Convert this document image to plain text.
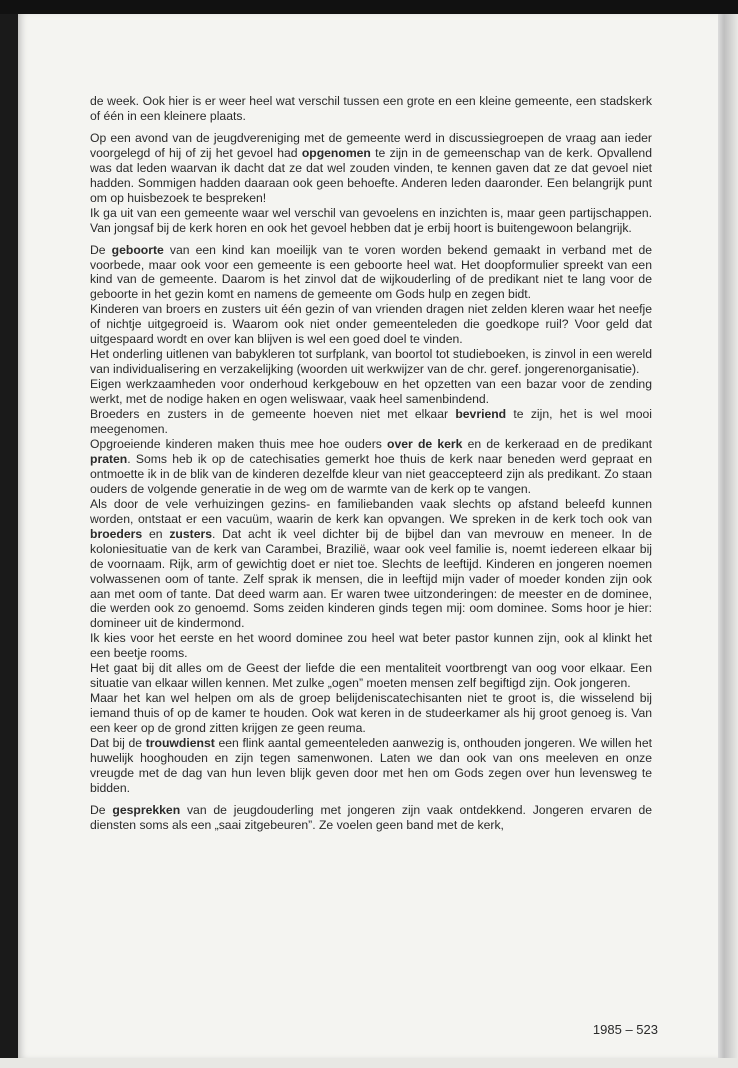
de week. Ook hier is er weer heel wat verschil tussen een grote en een kleine gemeente, een stadskerk of één in een kleinere plaats.

Op een avond van de jeugdvereniging met de gemeente werd in discussiegroepen de vraag aan ieder voorgelegd of hij of zij het gevoel had opgenomen te zijn in de gemeenschap van de kerk. Opvallend was dat leden waarvan ik dacht dat ze dat wel zouden vinden, te kennen gaven dat ze dat gevoel niet hadden. Sommigen hadden daaraan ook geen behoefte. Anderen leden daaronder. Een belangrijk punt om op huisbezoek te bespreken!

Ik ga uit van een gemeente waar wel verschil van gevoelens en inzichten is, maar geen partijschappen. Van jongsaf bij de kerk horen en ook het gevoel hebben dat je erbij hoort is buitengewoon belangrijk.

De geboorte van een kind kan moeilijk van te voren worden bekend gemaakt in verband met de voorbede, maar ook voor een gemeente is een geboorte heel wat. Het doopformulier spreekt van een kind van de gemeente. Daarom is het zinvol dat de wijkouderling of de predikant niet te lang voor de geboorte in het gezin komt en namens de gemeente om Gods hulp en zegen bidt.

Kinderen van broers en zusters uit één gezin of van vrienden dragen niet zelden kleren waar het neefje of nichtje uitgegroeid is. Waarom ook niet onder gemeenteleden die goedkope ruil? Voor geld dat uitgespaard wordt en over kan blijven is wel een goed doel te vinden.

Het onderling uitlenen van babykleren tot surfplank, van boortol tot studieboeken, is zinvol in een wereld van individualisering en verzakelijking (woorden uit werkwijzer van de chr. geref. jongerenorganisatie).

Eigen werkzaamheden voor onderhoud kerkgebouw en het opzetten van een bazar voor de zending werkt, met de nodige haken en ogen weliswaar, vaak heel samenbindend.

Broeders en zusters in de gemeente hoeven niet met elkaar bevriend te zijn, het is wel mooi meegenomen.

Opgroeiende kinderen maken thuis mee hoe ouders over de kerk en de kerkeraad en de predikant praten. Soms heb ik op de catechisaties gemerkt hoe thuis de kerk naar beneden werd gepraat en ontmoette ik in de blik van de kinderen dezelfde kleur van niet geaccepteerd zijn als predikant. Zo staan ouders de volgende generatie in de weg om de warmte van de kerk op te vangen.

Als door de vele verhuizingen gezins- en familiebanden vaak slechts op afstand beleefd kunnen worden, ontstaat er een vacuüm, waarin de kerk kan opvangen. We spreken in de kerk toch ook van broeders en zusters. Dat acht ik veel dichter bij de bijbel dan van mevrouw en meneer. In de koloniesituatie van de kerk van Carambei, Brazilië, waar ook veel familie is, noemt iedereen elkaar bij de voornaam. Rijk, arm of gewichtig doet er niet toe. Slechts de leeftijd. Kinderen en jongeren noemen volwassenen oom of tante. Zelf sprak ik mensen, die in leeftijd mijn vader of moeder konden zijn ook aan met oom of tante. Dat deed warm aan. Er waren twee uitzonderingen: de meester en de dominee, die werden ook zo genoemd. Soms zeiden kinderen ginds tegen mij: oom dominee. Soms hoor je hier: domineer uit de kindermond.

Ik kies voor het eerste en het woord dominee zou heel wat beter pastor kunnen zijn, ook al klinkt het een beetje rooms.

Het gaat bij dit alles om de Geest der liefde die een mentaliteit voortbrengt van oog voor elkaar. Een situatie van elkaar willen kennen. Met zulke „ogen” moeten mensen zelf begiftigd zijn. Ook jongeren.

Maar het kan wel helpen om als de groep belijdeniscatechisanten niet te groot is, die wisselend bij iemand thuis of op de kamer te houden. Ook wat keren in de studeerkamer als hij groot genoeg is. Van een keer op de grond zitten krijgen ze geen reuma.

Dat bij de trouwdienst een flink aantal gemeenteleden aanwezig is, onthouden jongeren. We willen het huwelijk hooghouden en zijn tegen samenwonen. Laten we dan ook van ons meeleven en onze vreugde met de dag van hun leven blijk geven door met hen om Gods zegen over hun levensweg te bidden.

De gesprekken van de jeugdouderling met jongeren zijn vaak ontdekkend. Jongeren ervaren de diensten soms als een „saai zitgebeuren”. Ze voelen geen band met de kerk,

1985 – 523
